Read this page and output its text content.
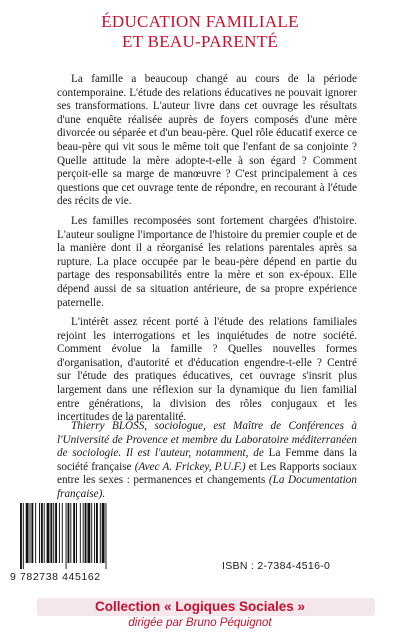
ÉDUCATION FAMILIALE
ET BEAU-PARENTÉ

La famille a beaucoup changé au cours de la période contemporaine. L'étude des relations éducatives ne pouvait ignorer ses transformations. L'auteur livre dans cet ouvrage les résultats d'une enquête réalisée auprès de foyers composés d'une mère divorcée ou séparée et d'un beau-père. Quel rôle éducatif exerce ce beau-père qui vit sous le même toit que l'enfant de sa conjointe ? Quelle attitude la mère adopte-t-elle à son égard ? Comment perçoit-elle sa marge de manœuvre ? C'est principalement à ces questions que cet ouvrage tente de répondre, en recourant à l'étude des récits de vie.

Les familles recomposées sont fortement chargées d'histoire. L'auteur souligne l'importance de l'histoire du premier couple et de la manière dont il a réorganisé les relations parentales après sa rupture. La place occupée par le beau-père dépend en partie du partage des responsabilités entre la mère et son ex-époux. Elle dépend aussi de sa situation antérieure, de sa propre expérience paternelle.

L'intérêt assez récent porté à l'étude des relations familiales rejoint les interrogations et les inquiétudes de notre société. Comment évolue la famille ? Quelles nouvelles formes d'organisation, d'autorité et d'éducation engendre-t-elle ? Centré sur l'étude des pratiques éducatives, cet ouvrage s'insrit plus largement dans une réflexion sur la dynamique du lien familial entre générations, la division des rôles conjugaux et les incertitudes de la parentalité.

Thierry BLÖSS, sociologue, est Maître de Conférences à l'Université de Provence et membre du Laboratoire méditerranéen de sociologie. Il est l'auteur, notamment, de La Femme dans la société française (Avec A. Frickey, P.U.F.) et Les Rapports sociaux entre les sexes : permanences et changements (La Documentation française).
9 782738 445162
ISBN : 2-7384-4516-0
Collection « Logiques Sociales »
dirigée par Bruno Péquignot
